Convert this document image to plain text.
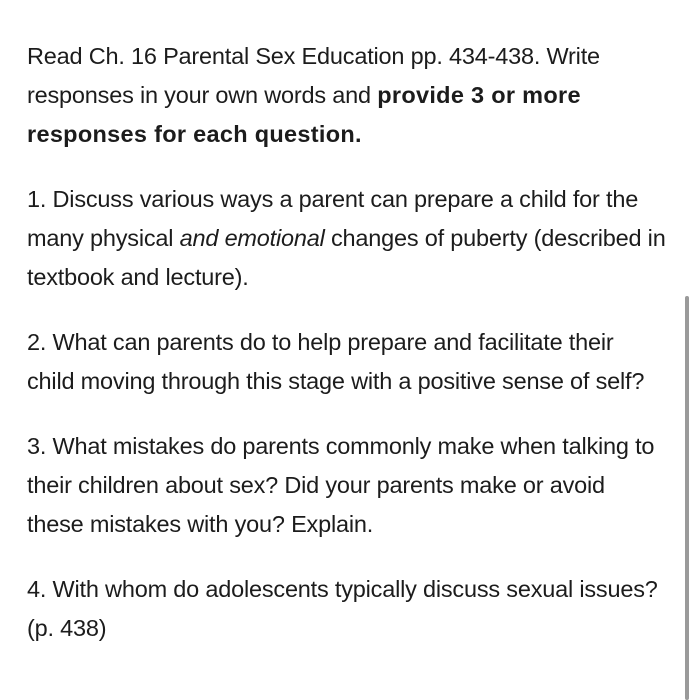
Read Ch. 16 Parental Sex Education pp. 434-438. Write responses in your own words and provide 3 or more responses for each question.

1. Discuss various ways a parent can prepare a child for the many physical and emotional changes of puberty (described in textbook and lecture).

2. What can parents do to help prepare and facilitate their child moving through this stage with a positive sense of self?

3. What mistakes do parents commonly make when talking to their children about sex? Did your parents make or avoid these mistakes with you? Explain.

4. With whom do adolescents typically discuss sexual issues? (p. 438)
